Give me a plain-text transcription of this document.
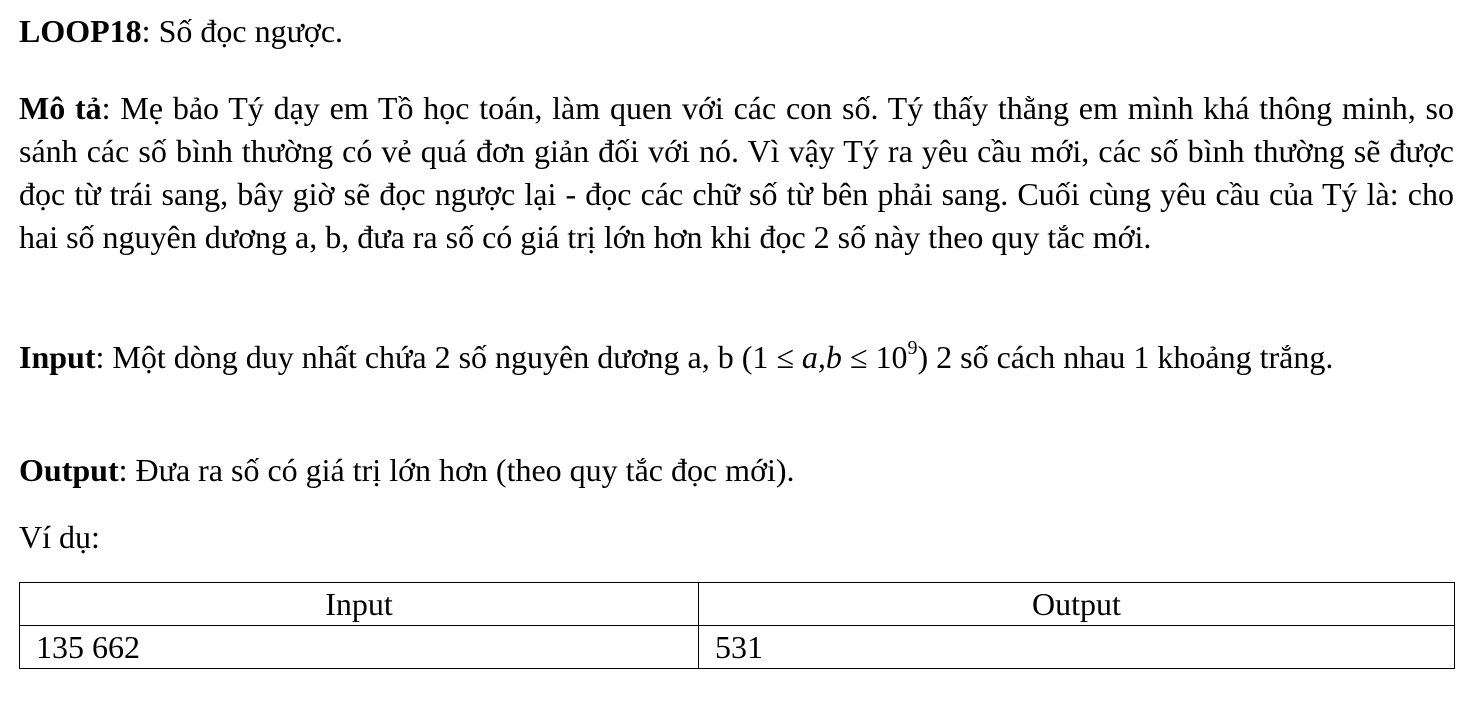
LOOP18: Số đọc ngược.
Mô tả: Mẹ bảo Tý dạy em Tồ học toán, làm quen với các con số. Tý thấy thằng em mình khá thông minh, so sánh các số bình thường có vẻ quá đơn giản đối với nó. Vì vậy Tý ra yêu cầu mới, các số bình thường sẽ được đọc từ trái sang, bây giờ sẽ đọc ngược lại - đọc các chữ số từ bên phải sang. Cuối cùng yêu cầu của Tý là: cho hai số nguyên dương a, b, đưa ra số có giá trị lớn hơn khi đọc 2 số này theo quy tắc mới.
Input: Một dòng duy nhất chứa 2 số nguyên dương a, b $(1 \le a,b \le 10^9)$ 2 số cách nhau 1 khoảng trắng.
Output: Đưa ra số có giá trị lớn hơn (theo quy tắc đọc mới).
Ví dụ:
Input	Output
135 662	531
